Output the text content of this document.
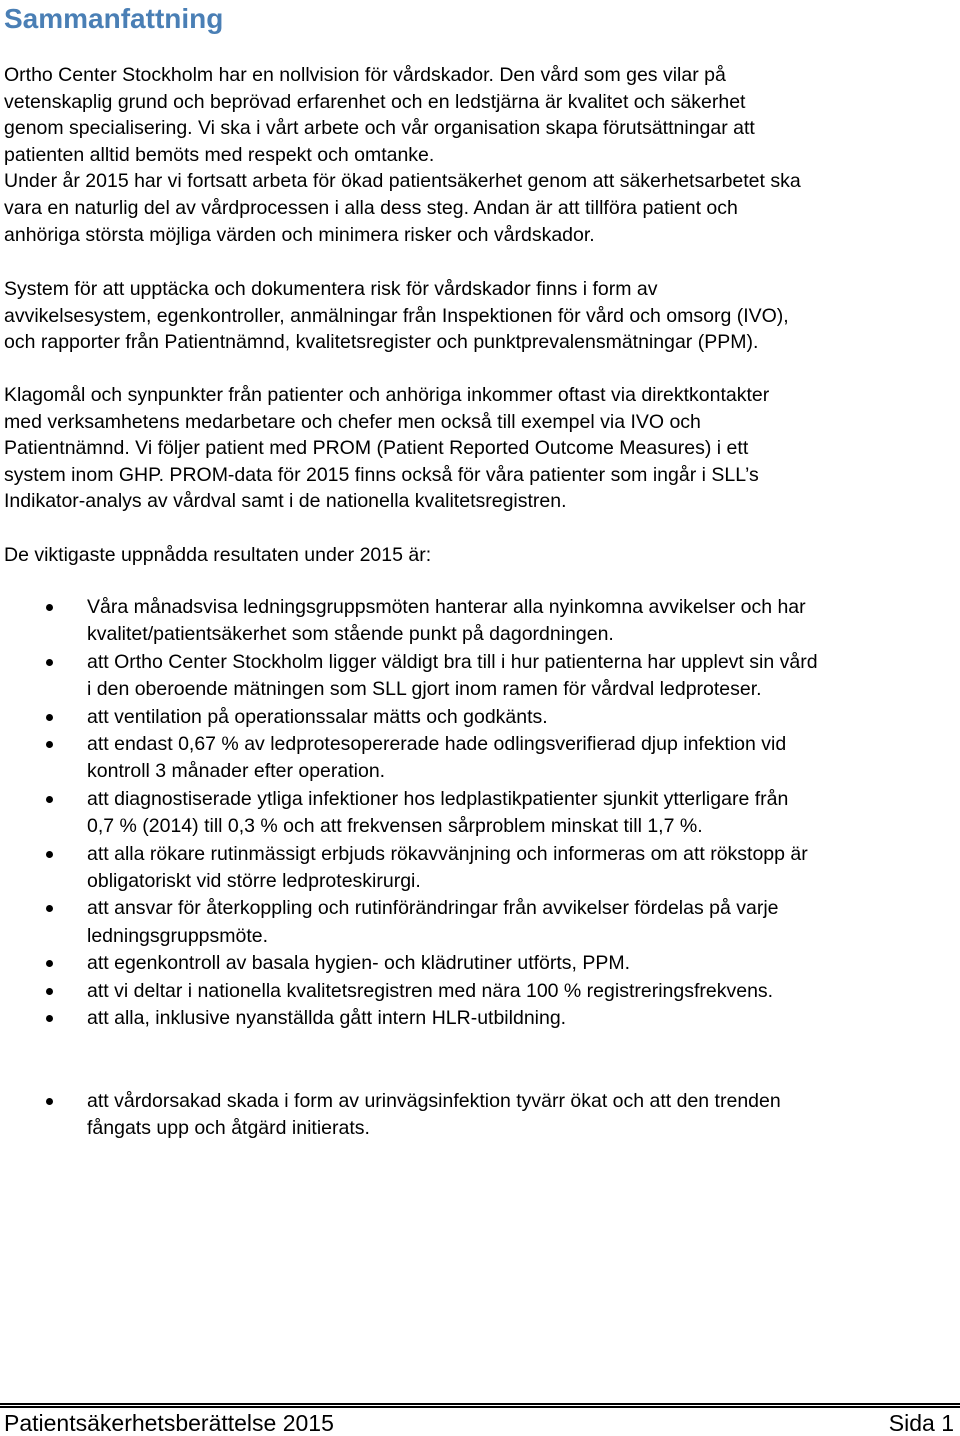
Sammanfattning

Ortho Center Stockholm har en nollvision för vårdskador. Den vård som ges vilar på
vetenskaplig grund och beprövad erfarenhet och en ledstjärna är kvalitet och säkerhet
genom specialisering. Vi ska i vårt arbete och vår organisation skapa förutsättningar att
patienten alltid bemöts med respekt och omtanke.
Under år 2015 har vi fortsatt arbeta för ökad patientsäkerhet genom att säkerhetsarbetet ska
vara en naturlig del av vårdprocessen i alla dess steg. Andan är att tillföra patient och
anhöriga största möjliga värden och minimera risker och vårdskador.

System för att upptäcka och dokumentera risk för vårdskador finns i form av
avvikelsesystem, egenkontroller, anmälningar från Inspektionen för vård och omsorg (IVO),
och rapporter från Patientnämnd, kvalitetsregister och punktprevalensmätningar (PPM).

Klagomål och synpunkter från patienter och anhöriga inkommer oftast via direktkontakter
med verksamhetens medarbetare och chefer men också till exempel via IVO och
Patientnämnd. Vi följer patient med PROM (Patient Reported Outcome Measures) i ett
system inom GHP. PROM-data för 2015 finns också för våra patienter som ingår i SLL’s
Indikator-analys av vårdval samt i de nationella kvalitetsregistren.

De viktigaste uppnådda resultaten under 2015 är:

Våra månadsvisa ledningsgruppsmöten hanterar alla nyinkomna avvikelser och har
kvalitet/patientsäkerhet som stående punkt på dagordningen.
att Ortho Center Stockholm ligger väldigt bra till i hur patienterna har upplevt sin vård
i den oberoende mätningen som SLL gjort inom ramen för vårdval ledproteser.
att ventilation på operationssalar mätts och godkänts.
att endast 0,67 % av ledprotesopererade hade odlingsverifierad djup infektion vid
kontroll 3 månader efter operation.
att diagnostiserade ytliga infektioner hos ledplastikpatienter sjunkit ytterligare från
0,7 % (2014) till 0,3 % och att frekvensen sårproblem minskat till 1,7 %.
att alla rökare rutinmässigt erbjuds rökavvänjning och informeras om att rökstopp är
obligatoriskt vid större ledproteskirurgi.
att ansvar för återkoppling och rutinförändringar från avvikelser fördelas på varje
ledningsgruppsmöte.
att egenkontroll av basala hygien- och klädrutiner utförts, PPM.
att vi deltar i nationella kvalitetsregistren med nära 100 % registreringsfrekvens.
att alla, inklusive nyanställda gått intern HLR-utbildning.
att vårdorsakad skada i form av urinvägsinfektion tyvärr ökat och att den trenden
fångats upp och åtgärd initierats.
Patientsäkerhetsberättelse 2015	Sida 1
